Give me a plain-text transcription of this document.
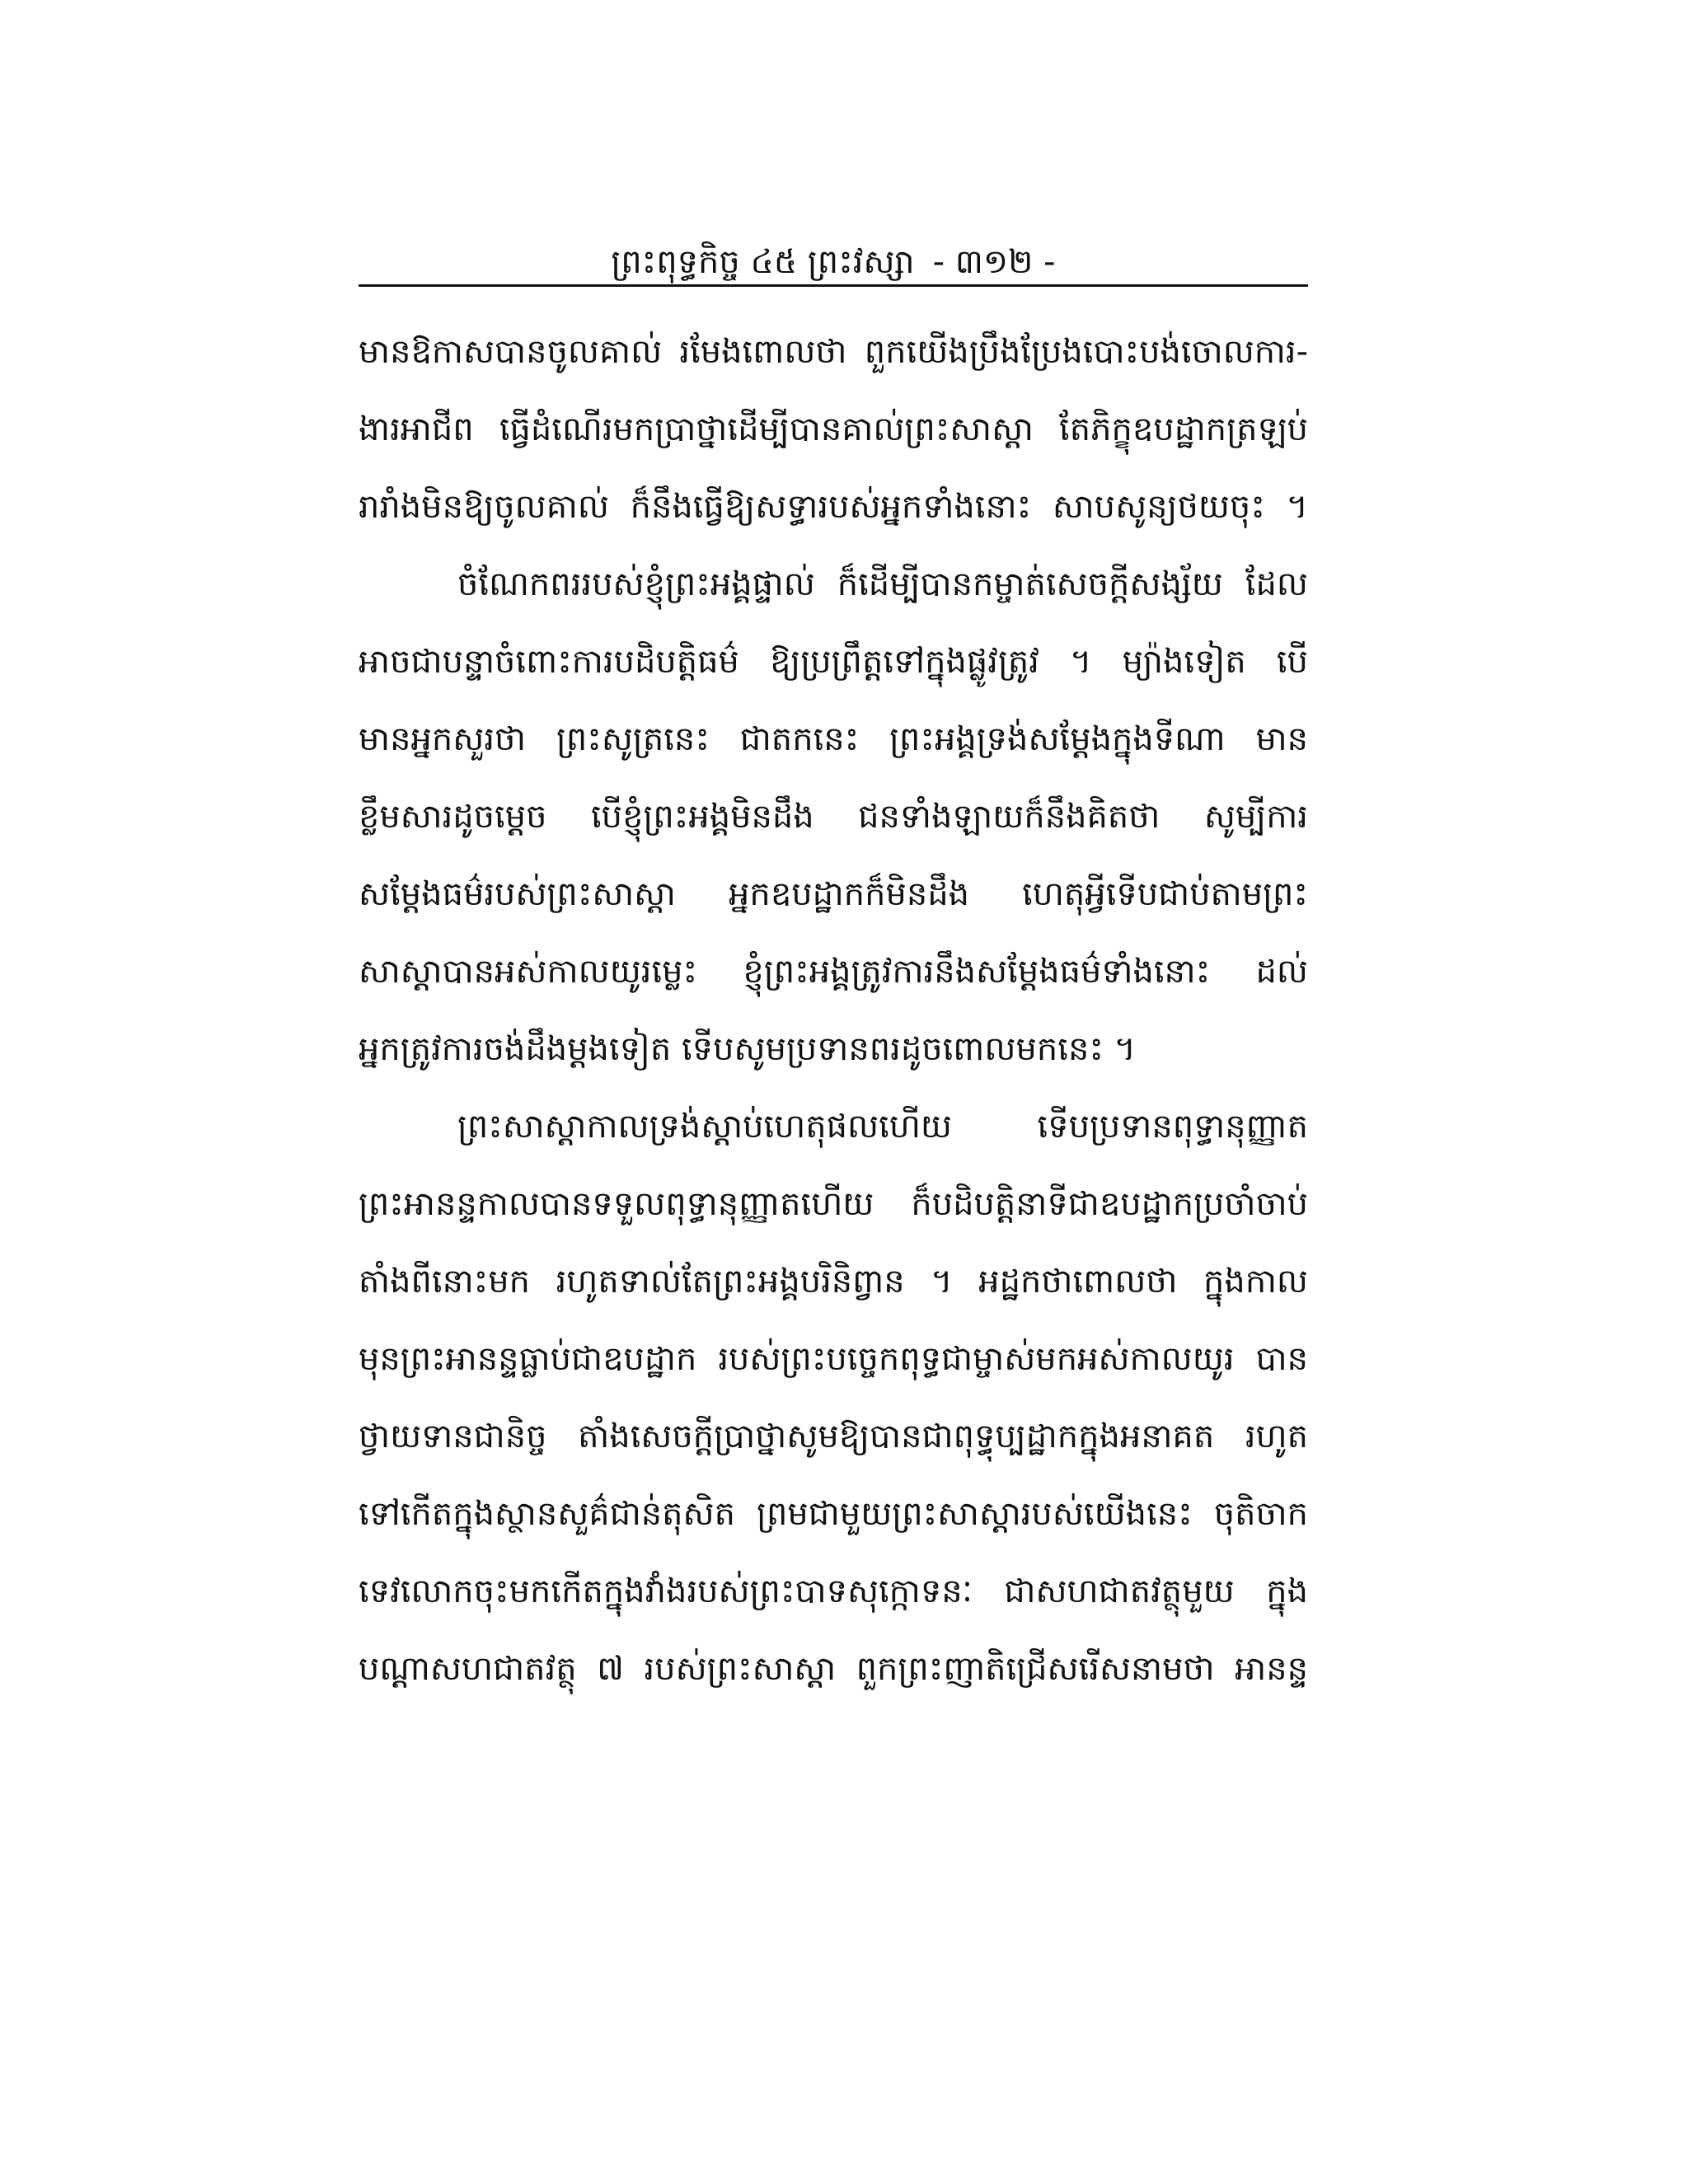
ព្រះពុទ្ធកិច្ច ៤៥ ព្រះវស្សា - ៣១២ -
មានឱកាសបានចូលគាល់ រមែងពោលថា ពួកយើងប្រឹងប្រែងបោះបង់ចោលការ-
ងារអាជីព ធ្វើដំណើរមកប្រាថ្នាដើម្បីបានគាល់ព្រះសាស្តា តែភិក្ខុឧបដ្ឋាកត្រឡប់
រារាំងមិនឱ្យចូលគាល់ ក៏នឹងធ្វើឱ្យសទ្ធារបស់អ្នកទាំងនោះ សាបសូន្យថយចុះ ។
ចំណែកពររបស់ខ្ញុំព្រះអង្គផ្ទាល់ ក៏ដើម្បីបានកម្ចាត់សេចក្តីសង្ស័យ ដែល
អាចជាបន្ទាចំពោះការបដិបត្តិធម៌ ឱ្យប្រព្រឹត្តទៅក្នុងផ្លូវត្រូវ ។ ម្យ៉ាងទៀត បើ
មានអ្នកសួរថា ព្រះសូត្រនេះ ជាតកនេះ ព្រះអង្គទ្រង់សម្តែងក្នុងទីណា មាន
ខ្លឹមសារដូចម្តេច បើខ្ញុំព្រះអង្គមិនដឹង ជនទាំងឡាយក៏នឹងគិតថា សូម្បីការ
សម្តែងធម៌របស់ព្រះសាស្តា អ្នកឧបដ្ឋាកក៏មិនដឹង ហេតុអ្វីទើបជាប់តាមព្រះ
សាស្តាបានអស់កាលយូរម្លេះ ខ្ញុំព្រះអង្គត្រូវការនឹងសម្តែងធម៌ទាំងនោះ ដល់
អ្នកត្រូវការចង់ដឹងម្តងទៀត ទើបសូមប្រទានពរដូចពោលមកនេះ ។
ព្រះសាស្តាកាលទ្រង់ស្តាប់ហេតុផលហើយ ទើបប្រទានពុទ្ធានុញ្ញាត
ព្រះអានន្ទកាលបានទទួលពុទ្ធានុញ្ញាតហើយ ក៏បដិបត្តិនាទីជាឧបដ្ឋាកប្រចាំចាប់
តាំងពីនោះមក រហូតទាល់តែព្រះអង្គបរិនិព្វាន ។ អដ្ឋកថាពោលថា ក្នុងកាល
មុនព្រះអានន្ទធ្លាប់ជាឧបដ្ឋាក របស់ព្រះបច្ចេកពុទ្ធជាម្ចាស់មកអស់កាលយូរ បាន
ថ្វាយទានជានិច្ច តាំងសេចក្តីប្រាថ្នាសូមឱ្យបានជាពុទ្ធុប្បដ្ឋាកក្នុងអនាគត រហូត
ទៅកើតក្នុងស្ថានសួគ៌ជាន់តុសិត ព្រមជាមួយព្រះសាស្តារបស់យើងនេះ ចុតិចាក
ទេវលោកចុះមកកើតក្នុងវាំងរបស់ព្រះបាទសុក្កោទនៈ ជាសហជាតវត្ថុមួយ ក្នុង
បណ្តាសហជាតវត្ថុ ៧ របស់ព្រះសាស្តា ពួកព្រះញាតិជ្រើសរើសនាមថា អានន្ទ
